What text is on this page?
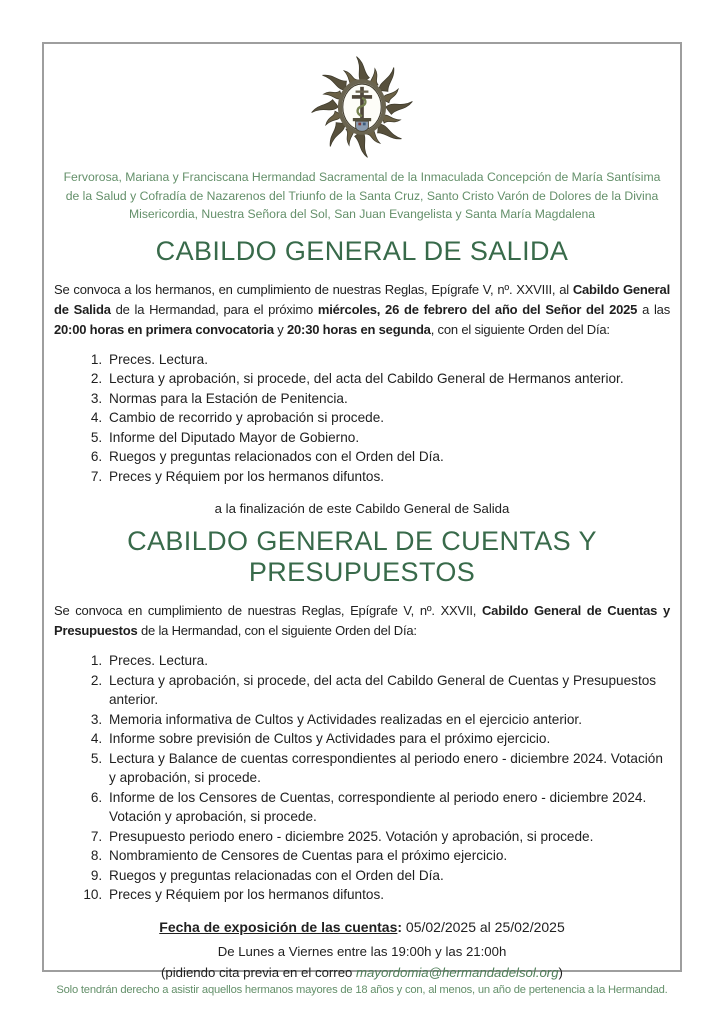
Fervorosa, Mariana y Franciscana Hermandad Sacramental de la Inmaculada Concepción de María Santísima de la Salud y Cofradía de Nazarenos del Triunfo de la Santa Cruz, Santo Cristo Varón de Dolores de la Divina Misericordia, Nuestra Señora del Sol, San Juan Evangelista y Santa María Magdalena

CABILDO GENERAL DE SALIDA

Se convoca a los hermanos, en cumplimiento de nuestras Reglas, Epígrafe V, nº. XXVIII, al Cabildo General de Salida de la Hermandad, para el próximo miércoles, 26 de febrero del año del Señor del 2025 a las 20:00 horas en primera convocatoria y 20:30 horas en segunda, con el siguiente Orden del Día:

1. Preces. Lectura.
2. Lectura y aprobación, si procede, del acta del Cabildo General de Hermanos anterior.
3. Normas para la Estación de Penitencia.
4. Cambio de recorrido y aprobación si procede.
5. Informe del Diputado Mayor de Gobierno.
6. Ruegos y preguntas relacionados con el Orden del Día.
7. Preces y Réquiem por los hermanos difuntos.

a la finalización de este Cabildo General de Salida

CABILDO GENERAL DE CUENTAS Y PRESUPUESTOS

Se convoca en cumplimiento de nuestras Reglas, Epígrafe V, nº. XXVII, Cabildo General de Cuentas y Presupuestos de la Hermandad, con el siguiente Orden del Día:

1. Preces. Lectura.
2. Lectura y aprobación, si procede, del acta del Cabildo General de Cuentas y Presupuestos anterior.
3. Memoria informativa de Cultos y Actividades realizadas en el ejercicio anterior.
4. Informe sobre previsión de Cultos y Actividades para el próximo ejercicio.
5. Lectura y Balance de cuentas correspondientes al periodo enero - diciembre 2024. Votación y aprobación, si procede.
6. Informe de los Censores de Cuentas, correspondiente al periodo enero - diciembre 2024. Votación y aprobación, si procede.
7. Presupuesto periodo enero - diciembre 2025. Votación y aprobación, si procede.
8. Nombramiento de Censores de Cuentas para el próximo ejercicio.
9. Ruegos y preguntas relacionadas con el Orden del Día.
10. Preces y Réquiem por los hermanos difuntos.

Fecha de exposición de las cuentas: 05/02/2025 al 25/02/2025

De Lunes a Viernes entre las 19:00h y las 21:00h

(pidiendo cita previa en el correo mayordomia@hermandadelsol.org)

Solo tendrán derecho a asistir aquellos hermanos mayores de 18 años y con, al menos, un año de pertenencia a la Hermandad.
